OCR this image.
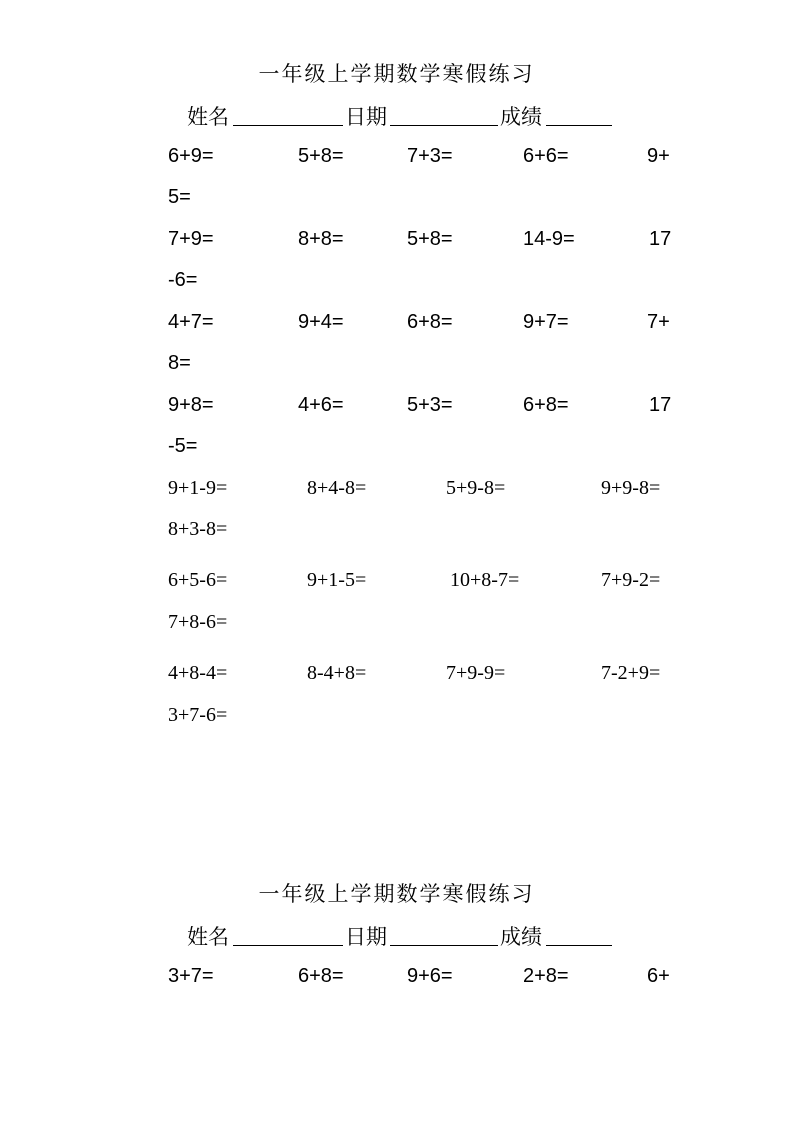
一年级上学期数学寒假练习
姓名	日期	成绩
6+9=	5+8=	7+3=	6+6=	9+
5=
7+9=	8+8=	5+8=	14-9=	17
-6=
4+7=	9+4=	6+8=	9+7=	7+
8=
9+8=	4+6=	5+3=	6+8=	17
-5=
9+1-9=	8+4-8=	5+9-8=	9+9-8=
8+3-8=
6+5-6=	9+1-5=	10+8-7=	7+9-2=
7+8-6=
4+8-4=	8-4+8=	7+9-9=	7-2+9=
3+7-6=
一年级上学期数学寒假练习
姓名	日期	成绩
3+7=	6+8=	9+6=	2+8=	6+
